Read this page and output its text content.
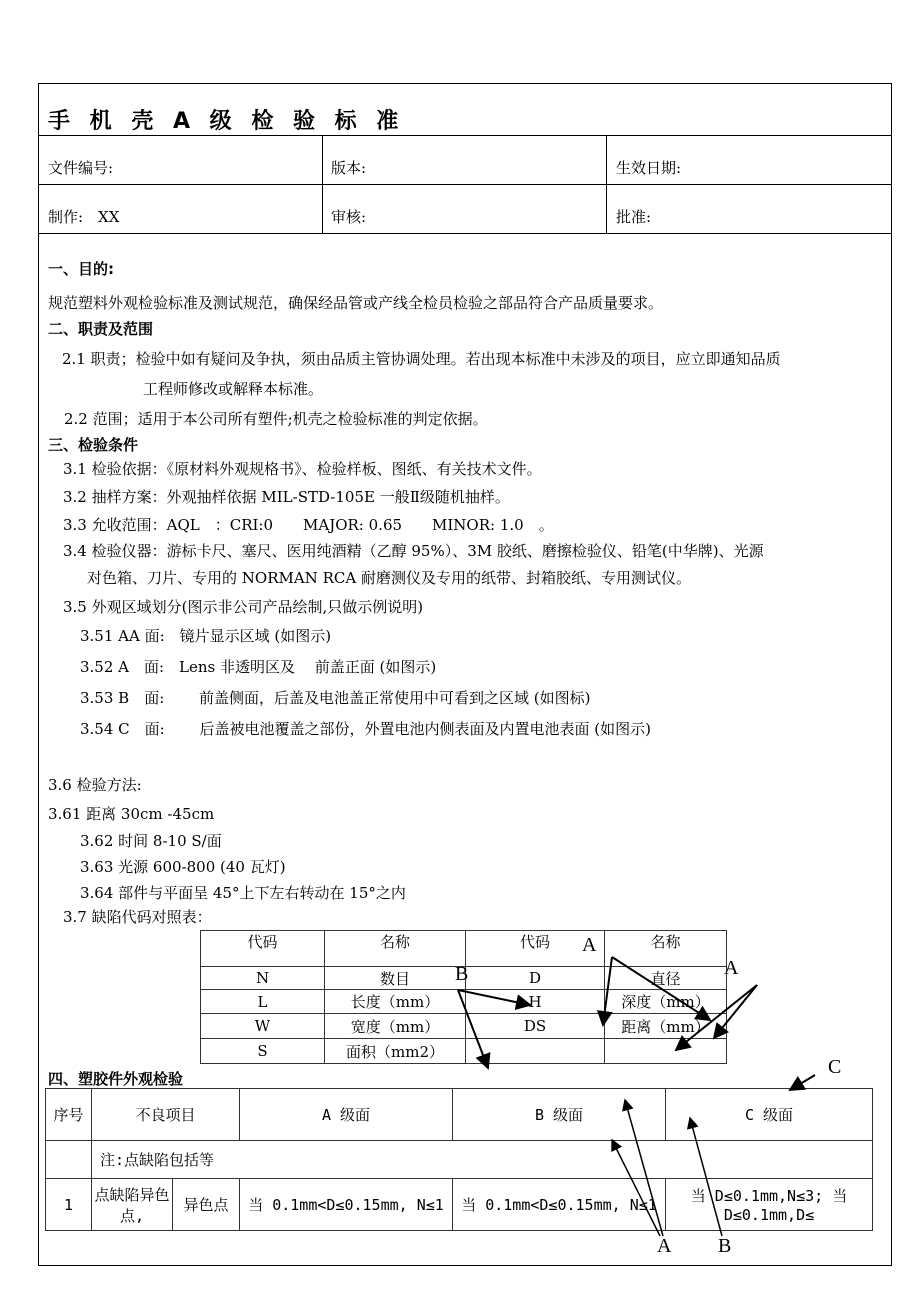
手 机 壳 A 级 检 验 标 准
文件编号:	版本:	生效日期:
制作:　XX	审核:	批准:
一、目的:
规范塑料外观检验标准及测试规范，确保经品管或产线全检员检验之部品符合产品质量要求。
二、职责及范围
2.1 职责；检验中如有疑问及争执，须由品质主管协调处理。若出现本标准中未涉及的项目，应立即通知品质
工程师修改或解释本标准。
2.2 范围；适用于本公司所有塑件;机壳之检验标准的判定依据。
三、检验条件
3.1 检验依据：《原材料外观规格书》、检验样板、图纸、有关技术文件。
3.2 抽样方案：外观抽样依据 MIL-STD-105E 一般Ⅱ级随机抽样。
3.3 允收范围：AQL　：CRI:0　　MAJOR: 0.65　　MINOR: 1.0　。
3.4 检验仪器：游标卡尺、塞尺、医用纯酒精（乙醇 95%）、3M 胶纸、磨擦检验仪、铅笔(中华牌)、光源
对色箱、刀片、专用的 NORMAN RCA 耐磨测仪及专用的纸带、封箱胶纸、专用测试仪。
3.5 外观区域划分(图示非公司产品绘制,只做示例说明)
3.51 AA 面:　镜片显示区域 (如图示)
3.52 A　面:　Lens 非透明区及　 前盖正面 (如图示)
3.53 B　面:　　 前盖侧面，后盖及电池盖正常使用中可看到之区域 (如图标)
3.54 C　面:　　 后盖被电池覆盖之部份，外置电池内侧表面及内置电池表面 (如图示)
3.6 检验方法:
3.61 距离 30cm -45cm
3.62 时间 8-10 S/面
3.63 光源 600-800 (40 瓦灯)
3.64 部件与平面呈 45°上下左右转动在 15°之内
3.7 缺陷代码对照表：
代码	名称	代码	名称
N	数目	D	直径
L	长度（mm）	H	深度（mm）
W	宽度（mm）	DS	距离（mm）
S	面积（mm2）		
四、塑胶件外观检验
序号	不良项目		A 级面	B 级面	C 级面
	注:点缺陷包括等				
1	点缺陷异色点,	异色点	当 0.1mm<D≤0.15mm, N≤1	当 0.1mm<D≤0.15mm, N≤1	当 D≤0.1mm,N≤3; 当 D≤0.1mm,D≤
A
B	A
C
A B
